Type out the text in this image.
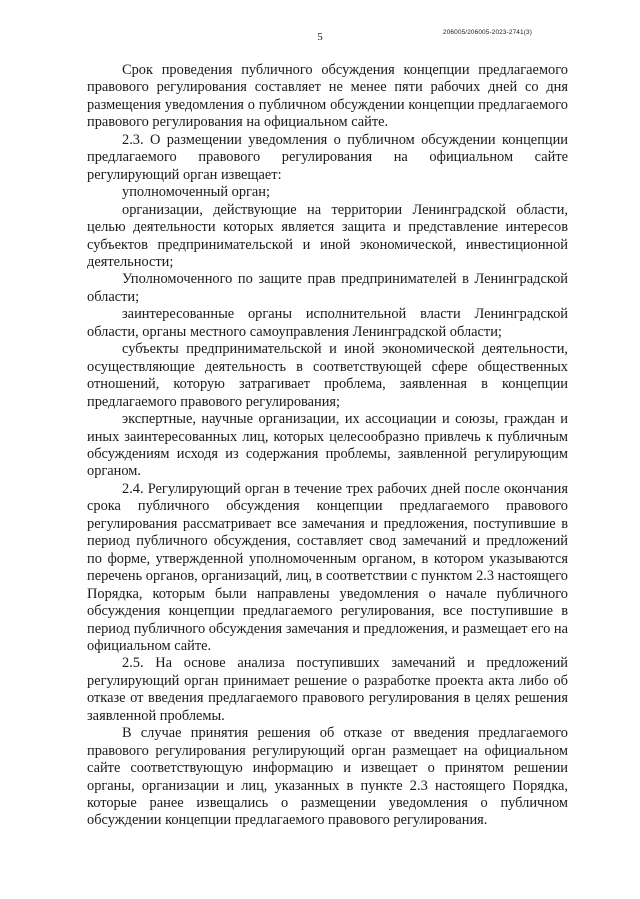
5	206005/206005-2023-2741(3)

Срок проведения публичного обсуждения концепции предлагаемого правового регулирования составляет не менее пяти рабочих дней со дня размещения уведомления о публичном обсуждении концепции предлагаемого правового регулирования на официальном сайте.

2.3. О размещении уведомления о публичном обсуждении концепции предлагаемого правового регулирования на официальном сайте регулирующий орган извещает:

уполномоченный орган;

организации, действующие на территории Ленинградской области, целью деятельности которых является защита и представление интересов субъектов предпринимательской и иной экономической, инвестиционной деятельности;

Уполномоченного по защите прав предпринимателей в Ленинградской области;

заинтересованные органы исполнительной власти Ленинградской области, органы местного самоуправления Ленинградской области;

субъекты предпринимательской и иной экономической деятельности, осуществляющие деятельность в соответствующей сфере общественных отношений, которую затрагивает проблема, заявленная в концепции предлагаемого правового регулирования;

экспертные, научные организации, их ассоциации и союзы, граждан и иных заинтересованных лиц, которых целесообразно привлечь к публичным обсуждениям исходя из содержания проблемы, заявленной регулирующим органом.

2.4. Регулирующий орган в течение трех рабочих дней после окончания срока публичного обсуждения концепции предлагаемого правового регулирования рассматривает все замечания и предложения, поступившие в период публичного обсуждения, составляет свод замечаний и предложений по форме, утвержденной уполномоченным органом, в котором указываются перечень органов, организаций, лиц, в соответствии с пунктом 2.3 настоящего Порядка, которым были направлены уведомления о начале публичного обсуждения концепции предлагаемого регулирования, все поступившие в период публичного обсуждения замечания и предложения, и размещает его на официальном сайте.

2.5. На основе анализа поступивших замечаний и предложений регулирующий орган принимает решение о разработке проекта акта либо об отказе от введения предлагаемого правового регулирования в целях решения заявленной проблемы.

В случае принятия решения об отказе от введения предлагаемого правового регулирования регулирующий орган размещает на официальном сайте соответствующую информацию и извещает о принятом решении органы, организации и лиц, указанных в пункте 2.3 настоящего Порядка, которые ранее извещались о размещении уведомления о публичном обсуждении концепции предлагаемого правового регулирования.
